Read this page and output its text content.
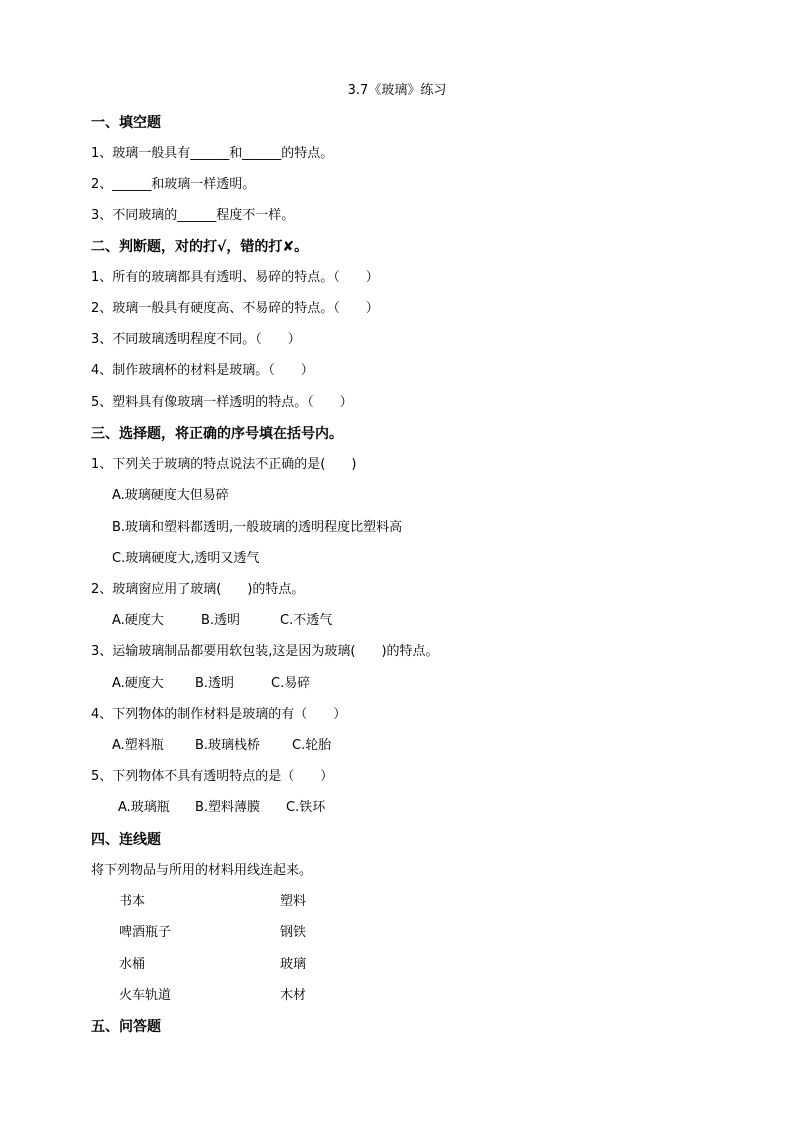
3.7《玻璃》练习
一、填空题
1、玻璃一般具有______和______的特点。
2、______和玻璃一样透明。
3、不同玻璃的______程度不一样。
二、判断题，对的打√，错的打✘。
1、所有的玻璃都具有透明、易碎的特点。（　　）
2、玻璃一般具有硬度高、不易碎的特点。（　　）
3、不同玻璃透明程度不同。（　　）
4、制作玻璃杯的材料是玻璃。（　　）
5、塑料具有像玻璃一样透明的特点。（　　）
三、选择题，将正确的序号填在括号内。
1、下列关于玻璃的特点说法不正确的是(　　)
A.玻璃硬度大但易碎
B.玻璃和塑料都透明,一般玻璃的透明程度比塑料高
C.玻璃硬度大,透明又透气
2、玻璃窗应用了玻璃(　　)的特点。
A.硬度大	B.透明	C.不透气
3、运输玻璃制品都要用软包装,这是因为玻璃(　　)的特点。
A.硬度大 B.透明	C.易碎
4、下列物体的制作材料是玻璃的有（　　）
A.塑料瓶 B.玻璃栈桥 C.轮胎
5、下列物体不具有透明特点的是（　　）
A.玻璃瓶 B.塑料薄膜 C.铁环
四、连线题
将下列物品与所用的材料用线连起来。
书本	塑料
啤酒瓶子	钢铁
水桶	玻璃
火车轨道	木材
五、问答题
